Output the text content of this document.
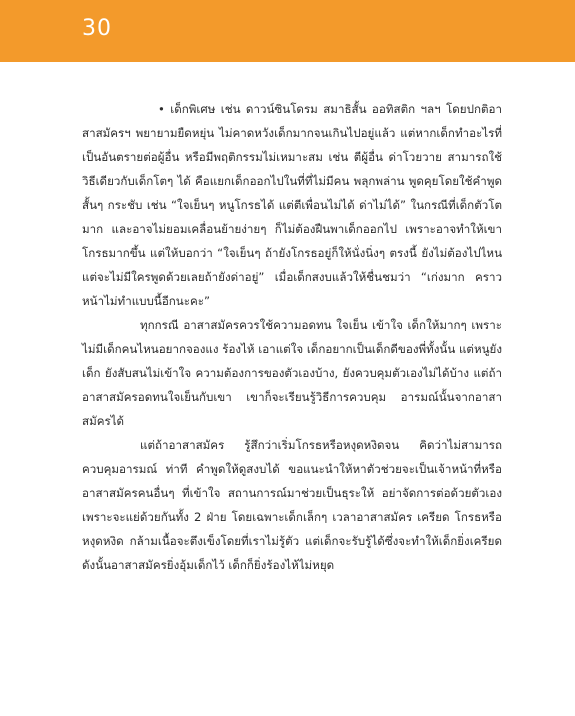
30

• เด็กพิเศษ เช่น ดาวน์ซินโดรม สมาธิสั้น ออทิสติก ฯลฯ โดยปกติอาสาสมัครฯ พยายามยืดหยุ่น ไม่คาดหวังเด็กมากจนเกินไปอยู่แล้ว แต่หากเด็กทำอะไรที่เป็นอันตรายต่อผู้อื่น หรือมีพฤติกรรมไม่เหมาะสม เช่น ตีผู้อื่น ด่าโวยวาย สามารถใช้วิธีเดียวกับเด็กโตๆ ได้ คือแยกเด็กออกไปในที่ที่ไม่มีคน พลุกพล่าน พูดคุยโดยใช้คำพูดสั้นๆ กระชับ เช่น “ใจเย็นๆ หนูโกรธได้ แต่ตีเพื่อนไม่ได้ ด่าไม่ได้” ในกรณีที่เด็กตัวโตมาก และอาจไม่ยอมเคลื่อนย้ายง่ายๆ ก็ไม่ต้องฝืนพาเด็กออกไป เพราะอาจทำให้เขาโกรธมากขึ้น แต่ให้บอกว่า “ใจเย็นๆ ถ้ายังโกรธอยู่ก็ให้นั่งนิ่งๆ ตรงนี้ ยังไม่ต้องไปไหน แต่จะไม่มีใครพูดด้วยเลยถ้ายังด่าอยู่” เมื่อเด็กสงบแล้วให้ชื่นชมว่า “เก่งมาก คราวหน้าไม่ทำแบบนี้อีกนะคะ”

ทุกกรณี อาสาสมัครควรใช้ความอดทน ใจเย็น เข้าใจ เด็กให้มากๆ เพราะไม่มีเด็กคนไหนอยากจองแง ร้องไห้ เอาแต่ใจ เด็กอยากเป็นเด็กดีของพี่ทั้งนั้น แต่หนูยังเด็ก ยังสับสนไม่เข้าใจ ความต้องการของตัวเองบ้าง, ยังควบคุมตัวเองไม่ได้บ้าง แต่ถ้าอาสาสมัครอดทนใจเย็นกับเขา เขาก็จะเรียนรู้วิธีการควบคุม อารมณ์นั้นจากอาสาสมัครได้

แต่ถ้าอาสาสมัคร รู้สึกว่าเริ่มโกรธหรือหงุดหงิดจน คิดว่าไม่สามารถควบคุมอารมณ์ ท่าที คำพูดให้ดูสงบได้ ขอแนะนำให้หาตัวช่วยจะเป็นเจ้าหน้าที่หรืออาสาสมัครคนอื่นๆ ที่เข้าใจ สถานการณ์มาช่วยเป็นธุระให้ อย่าจัดการต่อด้วยตัวเองเพราะจะแย่ด้วยกันทั้ง 2 ฝ่าย โดยเฉพาะเด็กเล็กๆ เวลาอาสาสมัคร เครียด โกรธหรือหงุดหงิด กล้ามเนื้อจะตึงเข็งโดยที่เราไม่รู้ตัว แต่เด็กจะรับรู้ได้ซึ่งจะทำให้เด็กยิ่งเครียด ดังนั้นอาสาสมัครยิ่งอุ้มเด็กไว้ เด็กก็ยิ่งร้องไห้ไม่หยุด
